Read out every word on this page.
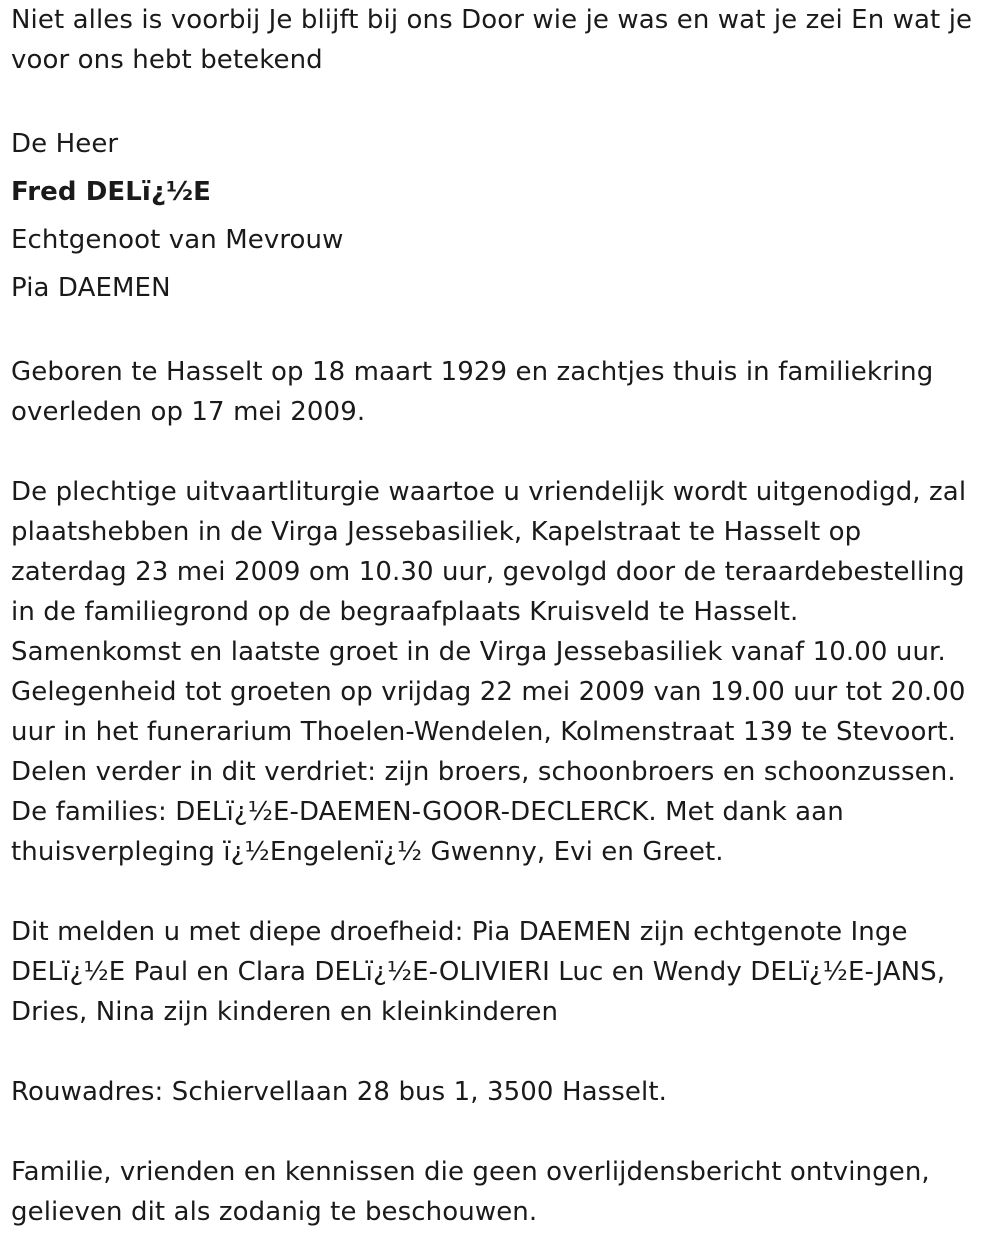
Niet alles is voorbij Je blijft bij ons Door wie je was en wat je zei En wat je voor ons hebt betekend

De Heer
Fred DELï¿½E
Echtgenoot van Mevrouw
Pia DAEMEN

Geboren te Hasselt op 18 maart 1929 en zachtjes thuis in familiekring overleden op 17 mei 2009.

De plechtige uitvaartliturgie waartoe u vriendelijk wordt uitgenodigd, zal
plaatshebben in de Virga Jessebasiliek, Kapelstraat te Hasselt op
zaterdag 23 mei 2009 om 10.30 uur, gevolgd door de teraardebestelling
in de familiegrond op de begraafplaats Kruisveld te Hasselt.
Samenkomst en laatste groet in de Virga Jessebasiliek vanaf 10.00 uur.
Gelegenheid tot groeten op vrijdag 22 mei 2009 van 19.00 uur tot 20.00
uur in het funerarium Thoelen-Wendelen, Kolmenstraat 139 te Stevoort.
Delen verder in dit verdriet: zijn broers, schoonbroers en schoonzussen.
De families: DELï¿½E-DAEMEN-GOOR-DECLERCK. Met dank aan
thuisverpleging ï¿½Engelenï¿½ Gwenny, Evi en Greet.
Dit melden u met diepe droefheid: Pia DAEMEN zijn echtgenote Inge
DELï¿½E Paul en Clara DELï¿½E-OLIVIERI Luc en Wendy DELï¿½E-JANS,
Dries, Nina zijn kinderen en kleinkinderen

Rouwadres: Schiervellaan 28 bus 1, 3500 Hasselt.

Familie, vrienden en kennissen die geen overlijdensbericht ontvingen,
gelieven dit als zodanig te beschouwen.
